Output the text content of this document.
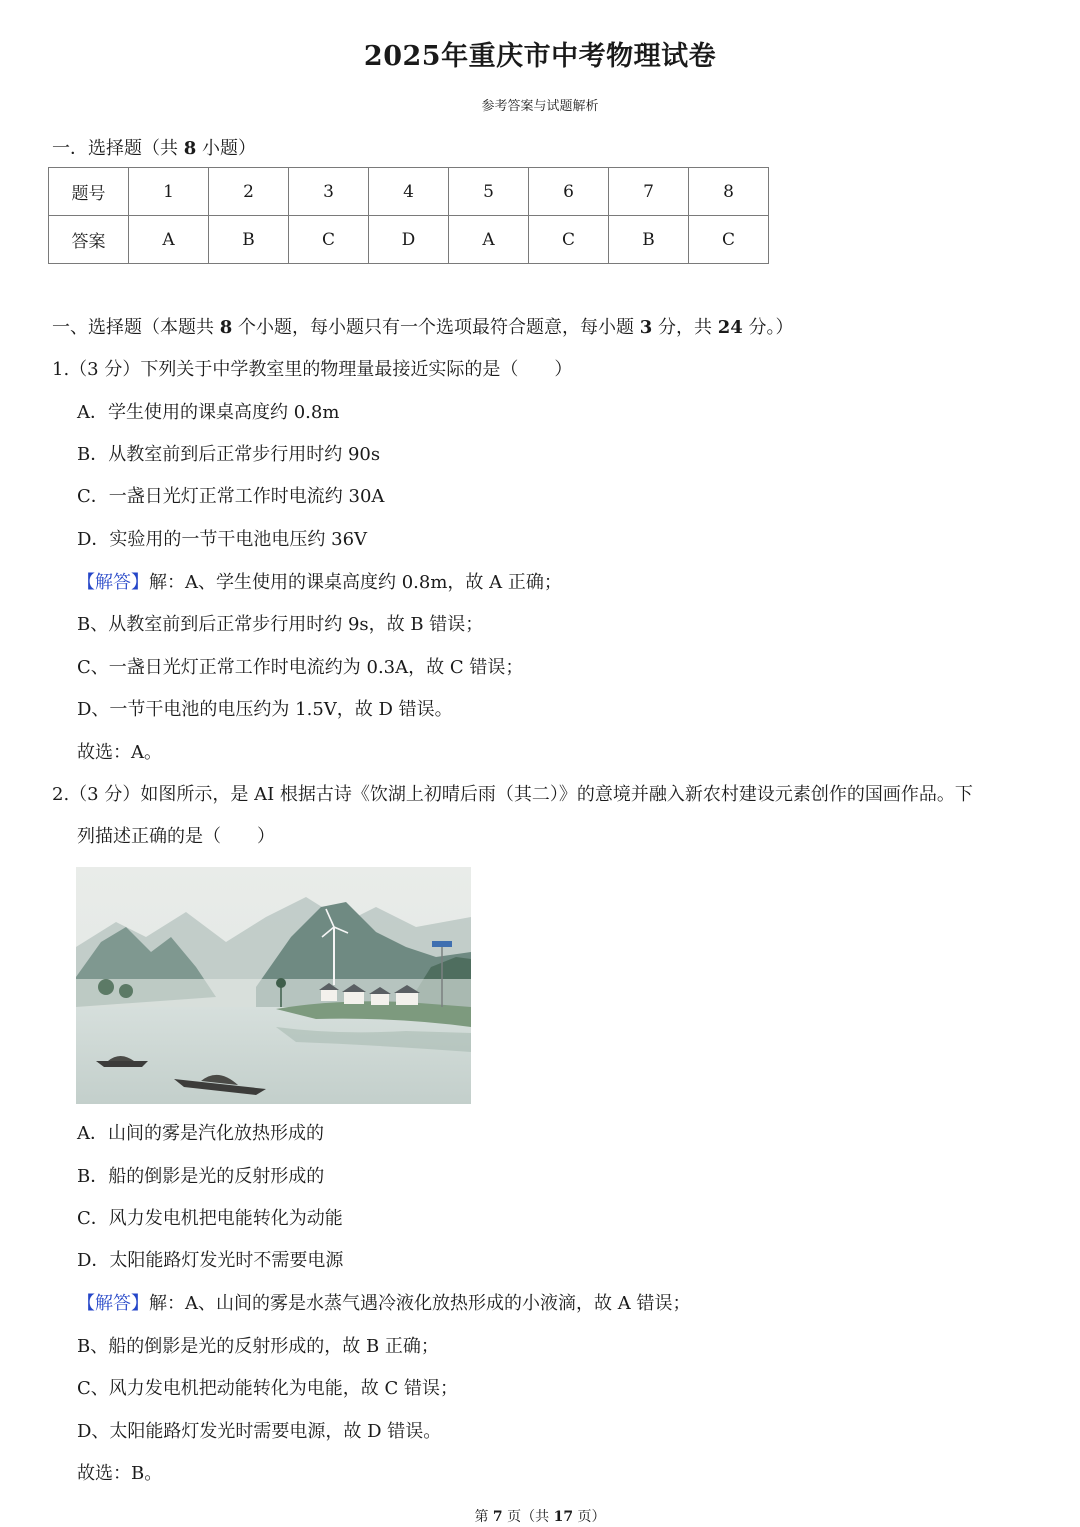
2025年重庆市中考物理试卷
参考答案与试题解析
一．选择题（共 8 小题）
题号	1	2	3	4	5	6	7	8
答案	A	B	C	D	A	C	B	C
一、选择题（本题共 8 个小题，每小题只有一个选项最符合题意，每小题 3 分，共 24 分。）
1.（3 分）下列关于中学教室里的物理量最接近实际的是（　　）
A．学生使用的课桌高度约 0.8m
B．从教室前到后正常步行用时约 90s
C．一盏日光灯正常工作时电流约 30A
D．实验用的一节干电池电压约 36V
【解答】解：A、学生使用的课桌高度约 0.8m，故 A 正确；
B、从教室前到后正常步行用时约 9s，故 B 错误；
C、一盏日光灯正常工作时电流约为 0.3A，故 C 错误；
D、一节干电池的电压约为 1.5V，故 D 错误。
故选：A。
2.（3 分）如图所示，是 AI 根据古诗《饮湖上初晴后雨（其二）》的意境并融入新农村建设元素创作的国画作品。下
列描述正确的是（　　）
A．山间的雾是汽化放热形成的
B．船的倒影是光的反射形成的
C．风力发电机把电能转化为动能
D．太阳能路灯发光时不需要电源
【解答】解：A、山间的雾是水蒸气遇冷液化放热形成的小液滴，故 A 错误；
B、船的倒影是光的反射形成的，故 B 正确；
C、风力发电机把动能转化为电能，故 C 错误；
D、太阳能路灯发光时需要电源，故 D 错误。
故选：B。
第 7 页（共 17 页）
